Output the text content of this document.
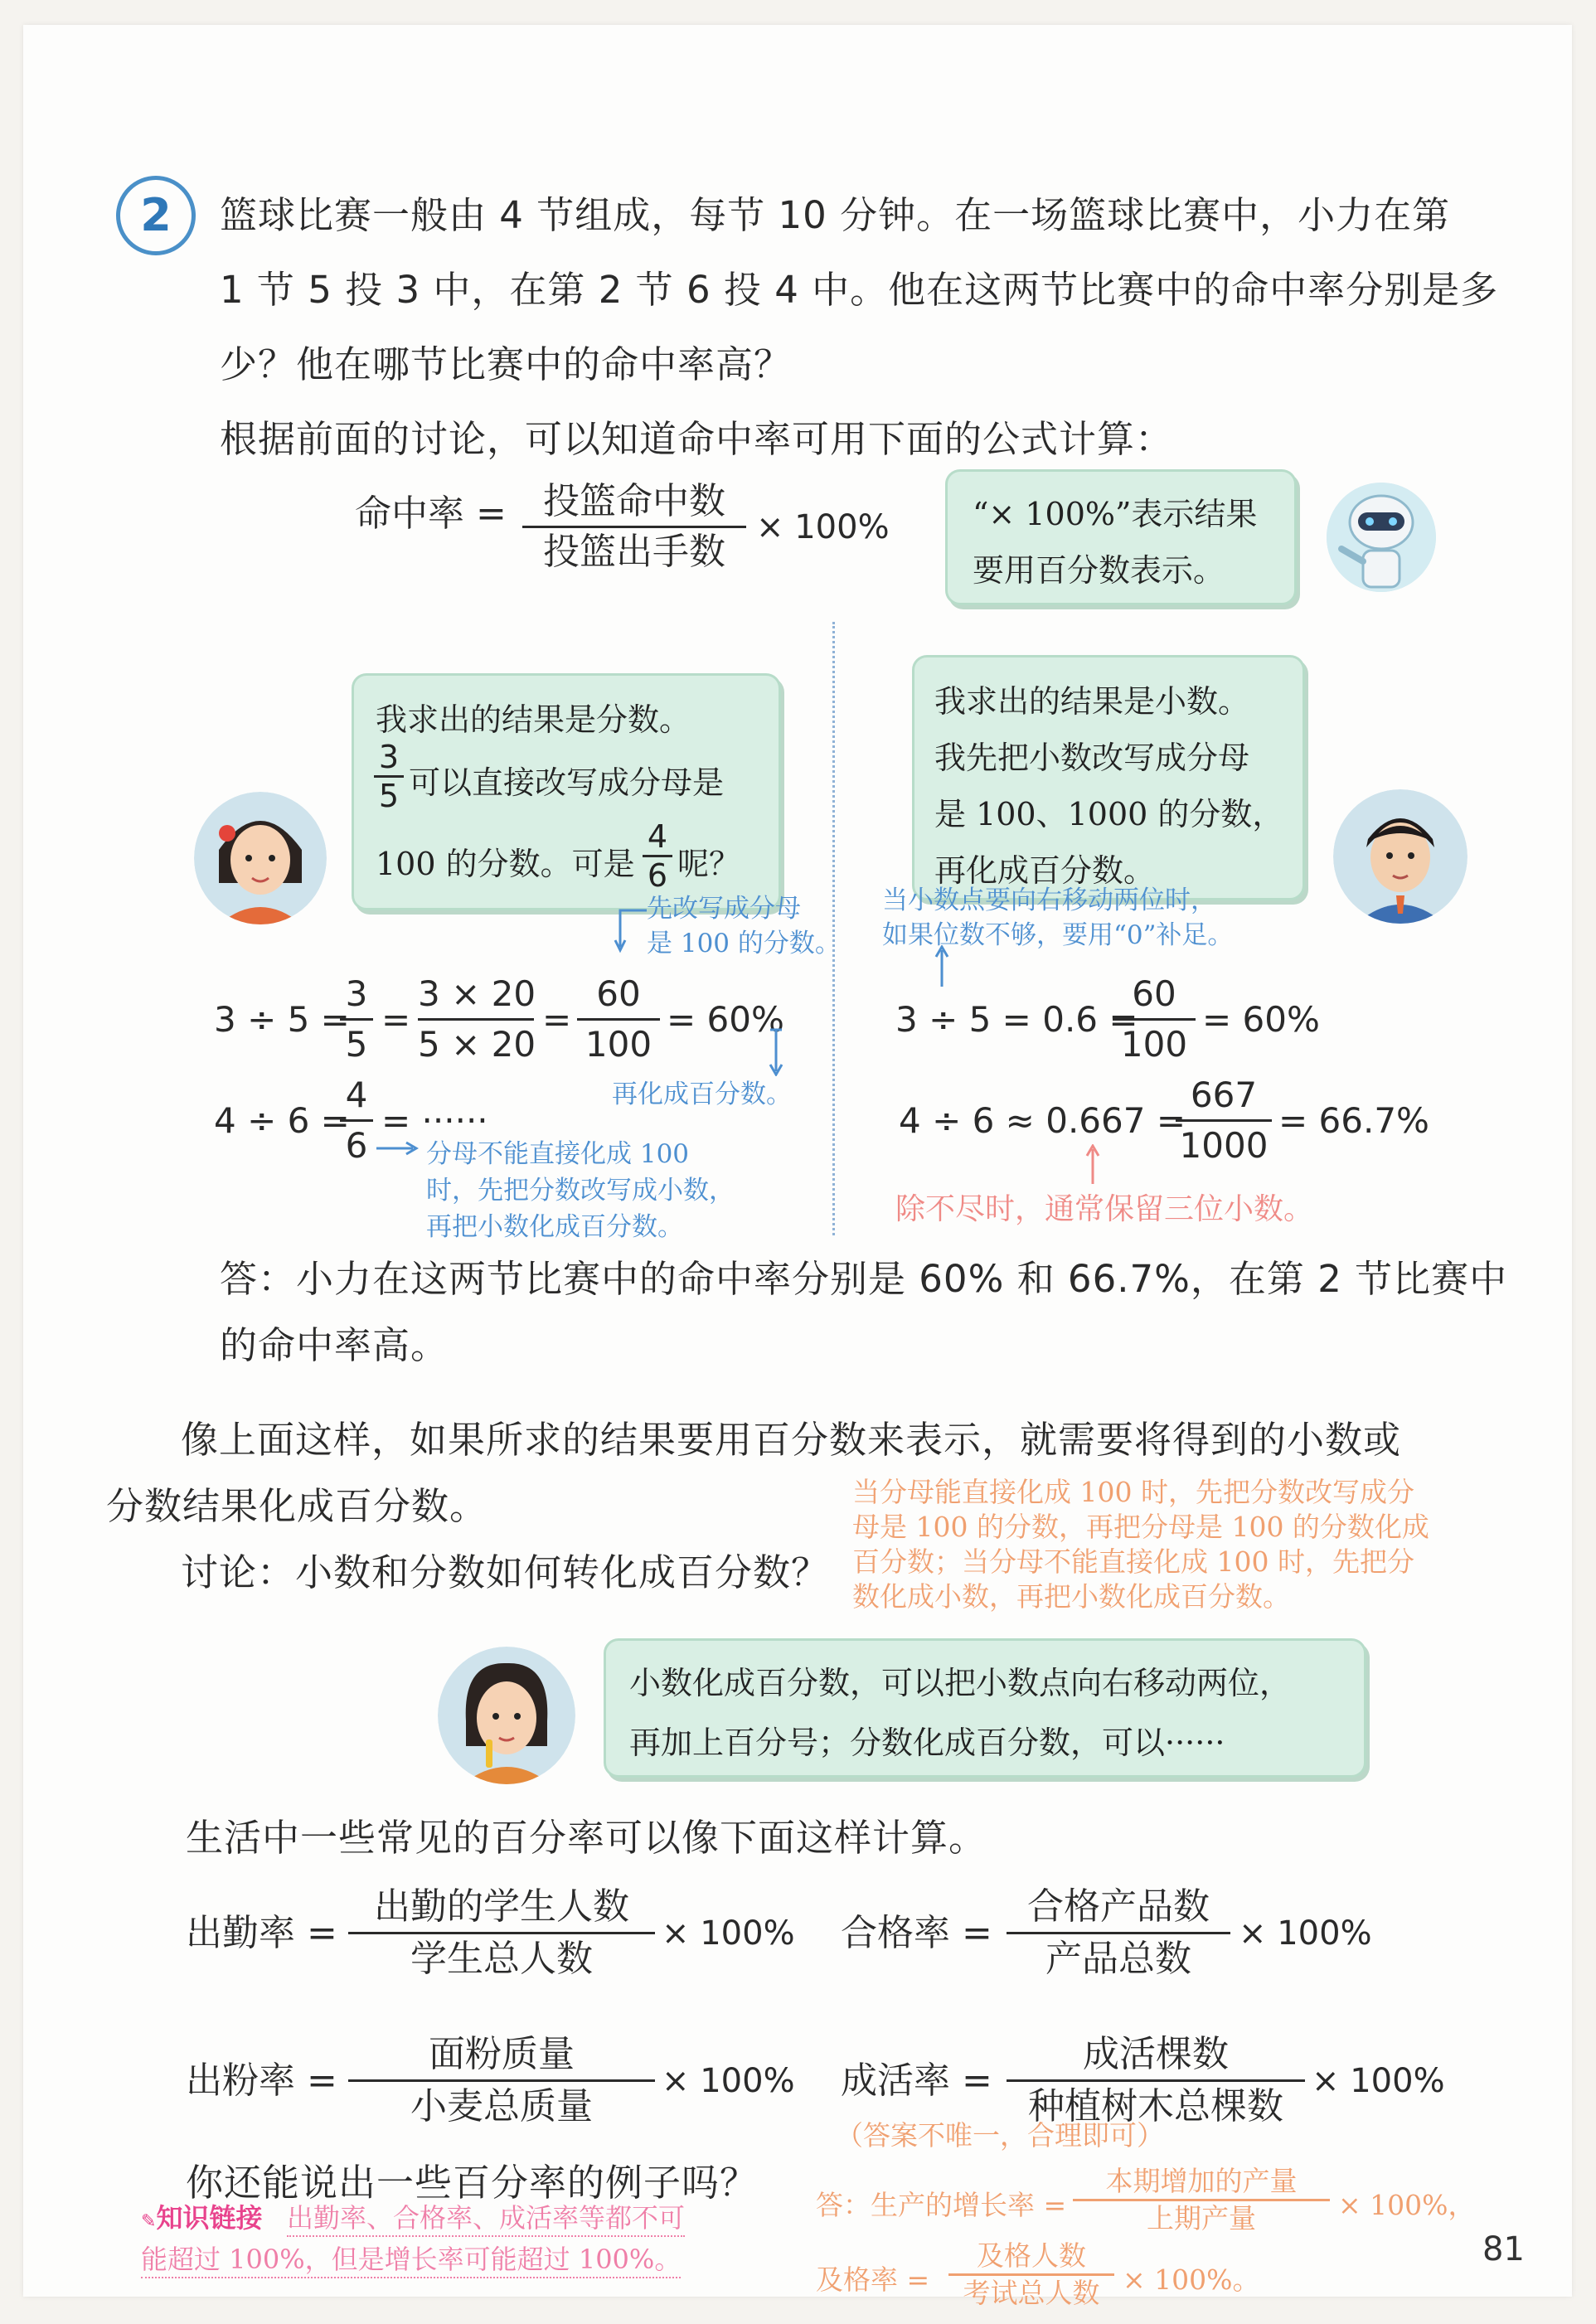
2	篮球比赛一般由 4 节组成，每节 10 分钟。在一场篮球比赛中，小力在第
1 节 5 投 3 中，在第 2 节 6 投 4 中。他在这两节比赛中的命中率分别是多
少？他在哪节比赛中的命中率高？
根据前面的讨论，可以知道命中率可用下面的公式计算：
命中率 =	投篮命中数
投篮出手数
× 100%	“× 100%”表示结果
要用百分数表示。
我求出的结果是分数。
3
5 可以直接改写成分母是
100 的分数。可是
4
6 呢？
我求出的结果是小数。
我先把小数改写成分母
是 100、1000 的分数，
再化成百分数。
先改写成分母
是 100 的分数。
当小数点要向右移动两位时，
如果位数不够，要用“0”补足。
3 ÷ 5 =
3
5
=
3 × 20
5 × 20
=
60
100
= 60%
再化成百分数。
4 ÷ 6 =
4
6
= ······
分母不能直接化成 100
时，先把分数改写成小数，
再把小数化成百分数。
3 ÷ 5 = 0.6 =
60
100
= 60%
4 ÷ 6 ≈ 0.667 =
667
1000
= 66.7%
除不尽时，通常保留三位小数。
答：小力在这两节比赛中的命中率分别是 60% 和 66.7%，在第 2 节比赛中
的命中率高。
像上面这样，如果所求的结果要用百分数来表示，就需要将得到的小数或
分数结果化成百分数。
讨论：小数和分数如何转化成百分数？
当分母能直接化成 100 时，先把分数改写成分
母是 100 的分数，再把分母是 100 的分数化成
百分数；当分母不能直接化成 100 时，先把分
数化成小数，再把小数化成百分数。
小数化成百分数，可以把小数点向右移动两位，
再加上百分号；分数化成百分数，可以······
生活中一些常见的百分率可以像下面这样计算。
出勤率 =
出勤的学生人数
学生总人数
× 100% 合格率 =
合格产品数
产品总数
× 100%
出粉率 =
面粉质量
小麦总质量
× 100% 成活率 =
成活棵数
种植树木总棵数
× 100%
（答案不唯一，合理即可）
你还能说出一些百分率的例子吗？
答：生产的增长率 =
本期增加的产量
上期产量	× 100%，
及格率 =
及格人数
考试总人数 × 100%。
✎知识链接 出勤率、合格率、成活率等都不可
能超过 100%，但是增长率可能超过 100%。	81
